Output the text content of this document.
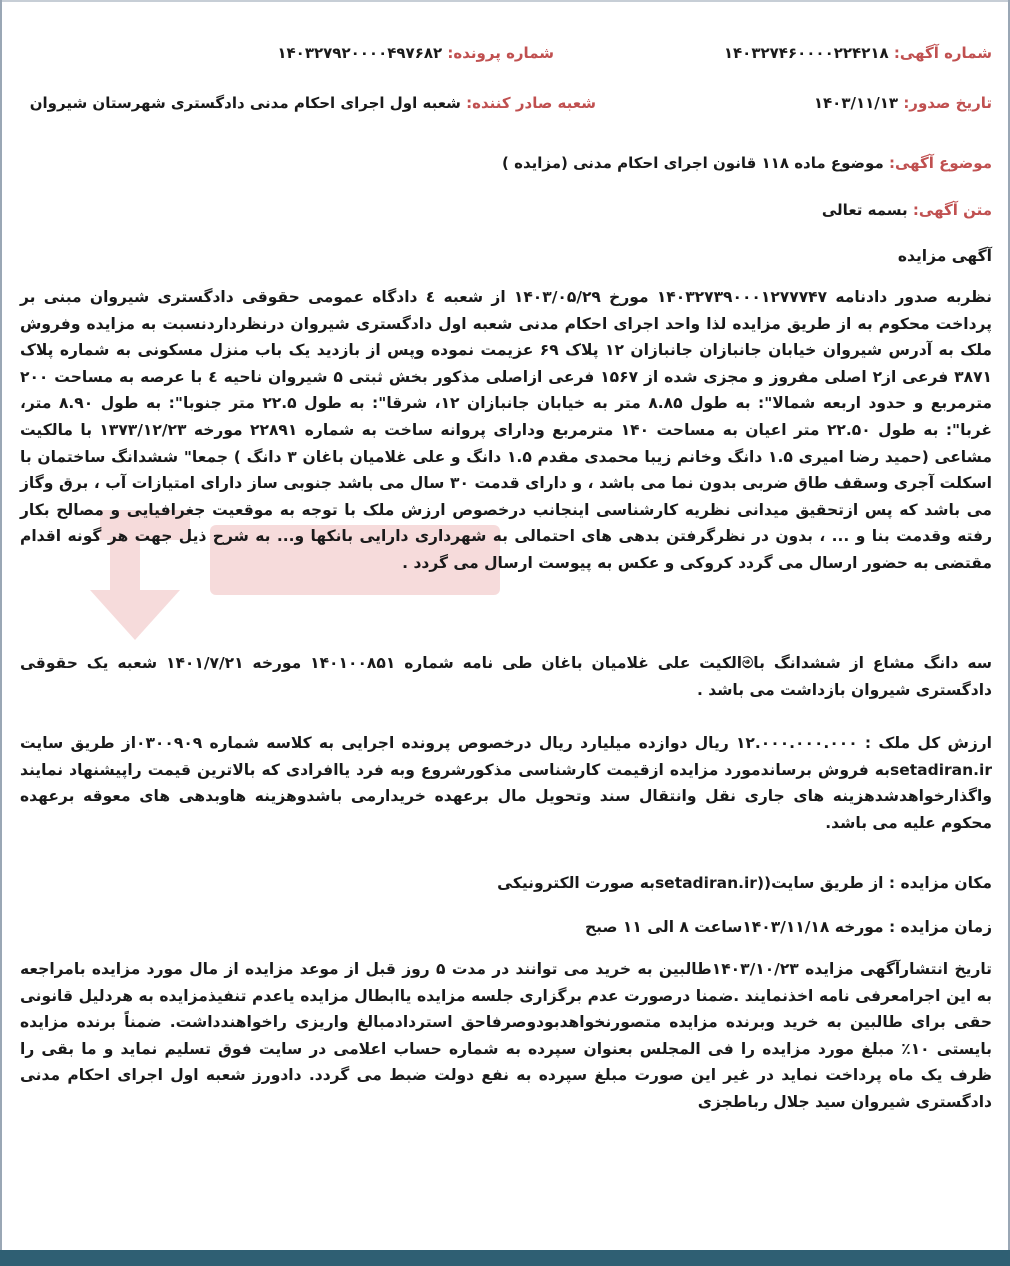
شماره آگهی: ۱۴۰۳۲۷۴۶۰۰۰۰۲۲۴۲۱۸
شماره پرونده: ۱۴۰۳۲۷۹۲۰۰۰۰۴۹۷۶۸۲
تاریخ صدور: ۱۴۰۳/۱۱/۱۳
شعبه صادر کننده: شعبه اول اجرای احکام مدنی دادگستری شهرستان شیروان
موضوع آگهی: موضوع ماده ۱۱۸ قانون اجرای احکام مدنی (مزایده )
متن آگهی: بسمه تعالی
آگهی مزایده
نظربه صدور دادنامه ۱۴۰۳۲۷۳۹۰۰۰۱۲۷۷۷۴۷ مورخ ۱۴۰۳/۰۵/۲۹ از شعبه ٤ دادگاه عمومی حقوقی دادگستری شیروان مبنی بر پرداخت محکوم به از طریق مزایده لذا واحد اجرای احکام مدنی شعبه اول دادگستری شیروان درنظرداردنسبت به مزایده وفروش ملک به آدرس شیروان خیابان جانبازان جانبازان ۱۲ پلاک ۶۹ عزیمت نموده وپس از بازدید یک باب منزل مسکونی به شماره پلاک ۳۸۷۱ فرعی از۲ اصلی مفروز و مجزی شده از ۱۵۶۷ فرعی ازاصلی مذکور بخش ثبتی ۵ شیروان ناحیه ٤ با عرصه به مساحت ۲۰۰ مترمربع و حدود اربعه شمالا": به طول ۸.۸۵ متر به خیابان جانبازان ۱۲، شرقا": به طول ۲۲.۵ متر جنوبا": به طول ۸.۹۰ متر، غربا": به طول ۲۲.۵۰ متر اعیان به مساحت ۱۴۰ مترمربع ودارای پروانه ساخت به شماره ۲۲۸۹۱ مورخه ۱۳۷۳/۱۲/۲۳ با مالکیت مشاعی (حمید رضا امیری ۱.۵ دانگ وخانم زیبا محمدی مقدم ۱.۵ دانگ و علی غلامیان باغان ۳ دانگ ) جمعا" ششدانگ ساختمان با اسکلت آجری وسقف طاق ضربی بدون نما می باشد ، و دارای قدمت ۳۰ سال می باشد جنوبی ساز دارای امتیازات آب ، برق وگاز می باشد که پس ازتحقیق میدانی نظریه کارشناسی اینجانب درخصوص ارزش ملک با توجه به موقعیت جغرافیایی و مصالح بکار رفته وقدمت بنا و ... ، بدون در نظرگرفتن بدهی های احتمالی به شهرداری دارایی بانکها و... به شرح ذیل جهت هر گونه اقدام مقتضی به حضور ارسال می گردد کروکی و عکس به پیوست ارسال می گردد .
سه دانگ مشاع از ششدانگ باමالکیت علی غلامیان باغان طی نامه شماره ۱۴۰۱۰۰۸۵۱ مورخه ۱۴۰۱/۷/۲۱ شعبه یک حقوقی دادگستری شیروان بازداشت می باشد .
ارزش کل ملک : ۱۲.۰۰۰.۰۰۰.۰۰۰ ریال دوازده میلیارد ریال درخصوص پرونده اجرایی به کلاسه شماره ۰۳۰۰۹۰۹از طریق سایت setadiran.irبه فروش برساندمورد مزایده ازقیمت کارشناسی مذکورشروع وبه فرد یاافرادی که بالاترین قیمت راپیشنهاد نمایند واگذارخواهدشدهزینه های جاری نقل وانتقال سند وتحویل مال برعهده خریدارمی باشدوهزینه هاوبدهی های معوقه برعهده محکوم علیه می باشد.
مکان مزایده : از طریق سایت((setadiran.irبه صورت الکترونیکی
زمان مزایده : مورخه ۱۴۰۳/۱۱/۱۸ساعت ۸ الی ۱۱ صبح
تاریخ انتشارآگهی مزایده ۱۴۰۳/۱۰/۲۳طالبین به خرید می توانند در مدت ۵ روز قبل از موعد مزایده از مال مورد مزایده بامراجعه به این اجرامعرفی نامه اخذنمایند .ضمنا درصورت عدم برگزاری جلسه مزایده یاابطال مزایده یاعدم تنفیذمزایده به هردلیل قانونی حقی برای طالبین به خرید وبرنده مزایده متصورنخواهدبودوصرفاحق استردادمبالغ واریزی راخواهندداشت. ضمناً برنده مزایده بایستی ۱۰٪ مبلغ مورد مزایده را فی المجلس بعنوان سپرده به شماره حساب اعلامی در سایت فوق تسلیم نماید و ما بقی را ظرف یک ماه پرداخت نماید در غیر این صورت مبلغ سپرده به نفع دولت ضبط می گردد. دادورز شعبه اول اجرای احکام مدنی دادگستری شیروان سید جلال رباطجزی
